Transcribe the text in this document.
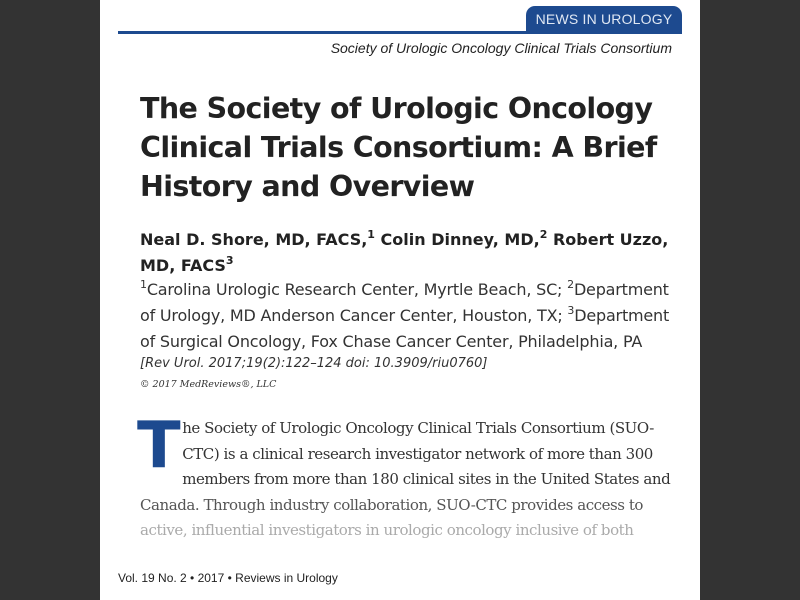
NEWS IN UROLOGY
Society of Urologic Oncology Clinical Trials Consortium
The Society of Urologic Oncology Clinical Trials Consortium: A Brief History and Overview
Neal D. Shore, MD, FACS,$^1$ Colin Dinney, MD,$^2$ Robert Uzzo, MD, FACS$^3$
$^1$Carolina Urologic Research Center, Myrtle Beach, SC; $^2$Department of Urology, MD Anderson Cancer Center, Houston, TX; $^3$Department of Surgical Oncology, Fox Chase Cancer Center, Philadelphia, PA
[Rev Urol. 2017;19(2):122–124 doi: 10.3909/riu0760]
© 2017 MedReviews®, LLC
T he Society of Urologic Oncology Clinical Trials Consortium (SUO-
CTC) is a clinical research investigator network of more than 300
members from more than 180 clinical sites in the United States and
Canada. Through industry collaboration, SUO-CTC provides access to
active, influential investigators in urologic oncology inclusive of both
Vol. 19 No. 2 • 2017 • Reviews in Urology
